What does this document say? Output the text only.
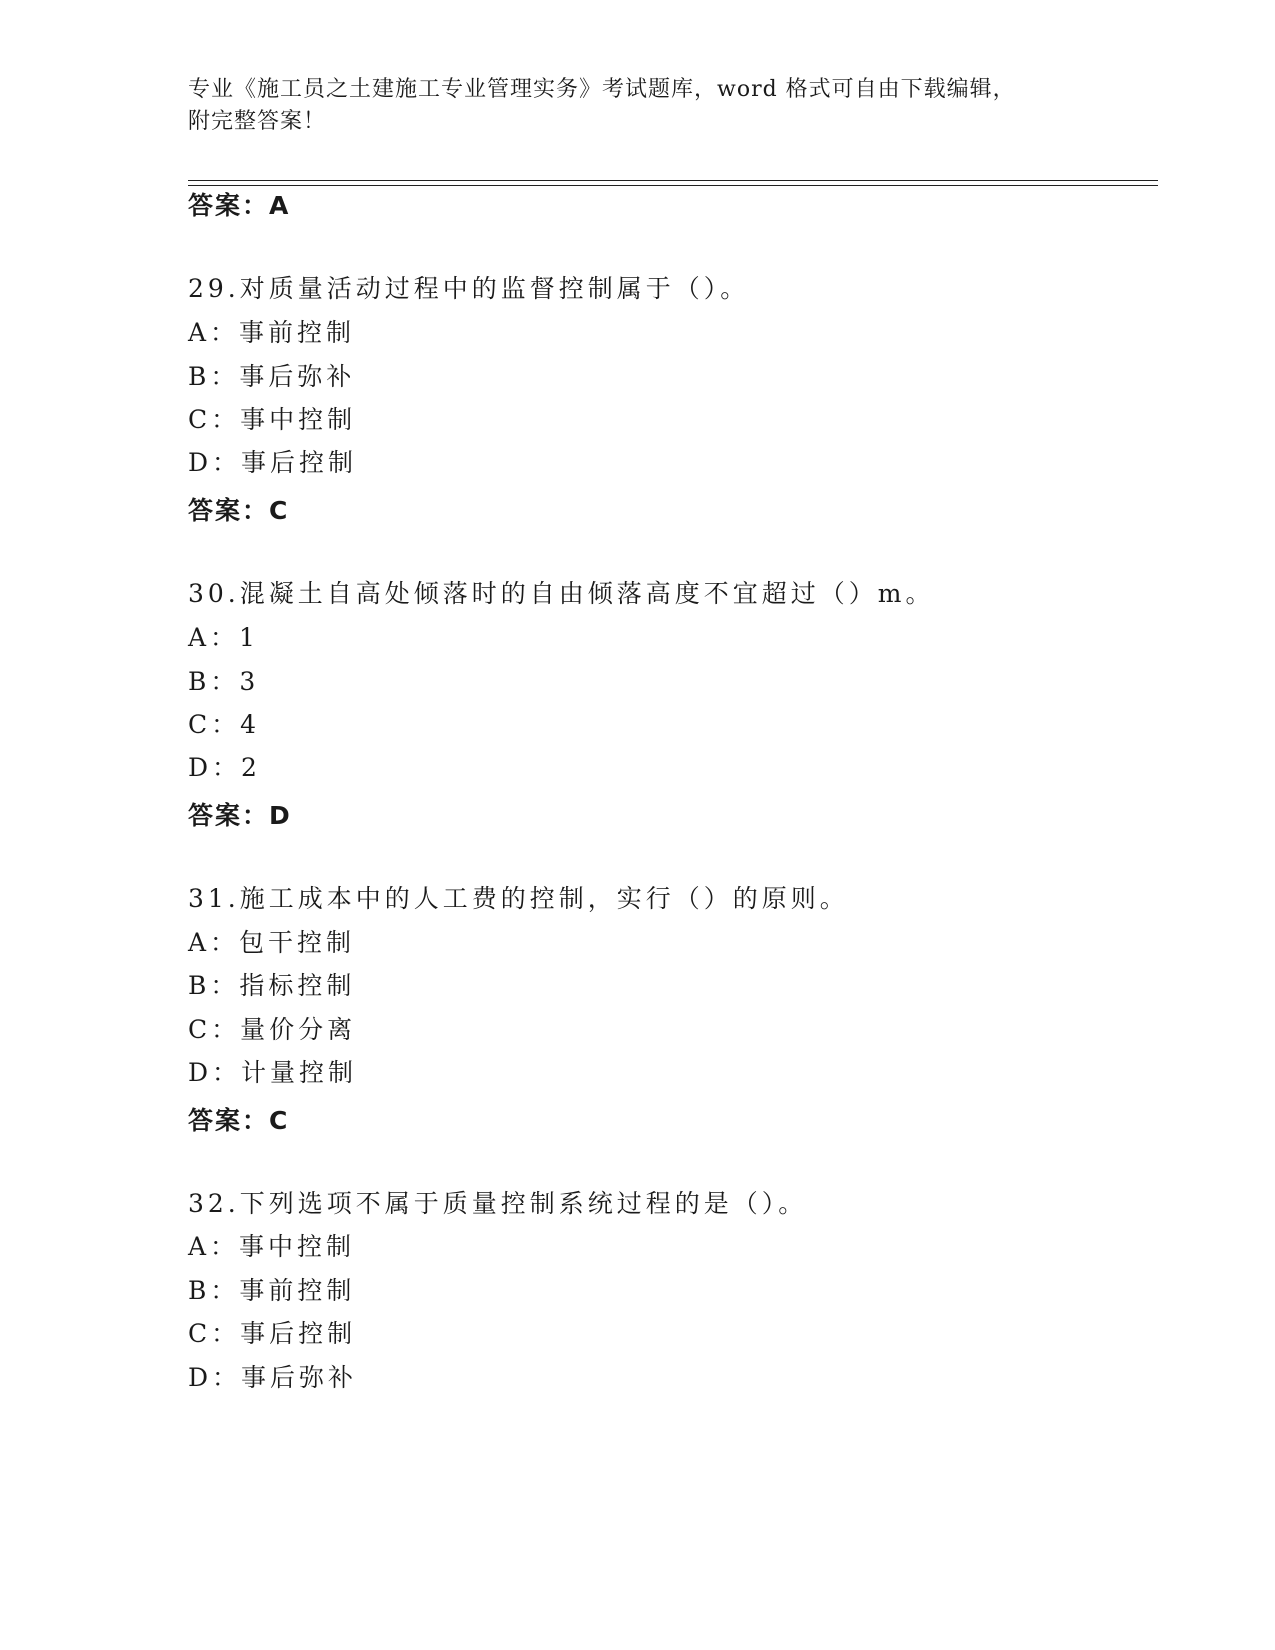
专业《施工员之土建施工专业管理实务》考试题库，word 格式可自由下载编辑，
附完整答案！
答案：A
29.对质量活动过程中的监督控制属于（）。
A：事前控制
B：事后弥补
C：事中控制
D：事后控制
答案：C
30.混凝土自高处倾落时的自由倾落高度不宜超过（）m。
A：1
B：3
C：4
D：2
答案：D
31.施工成本中的人工费的控制，实行（）的原则。
A：包干控制
B：指标控制
C：量价分离
D：计量控制
答案：C
32.下列选项不属于质量控制系统过程的是（）。
A：事中控制
B：事前控制
C：事后控制
D：事后弥补
